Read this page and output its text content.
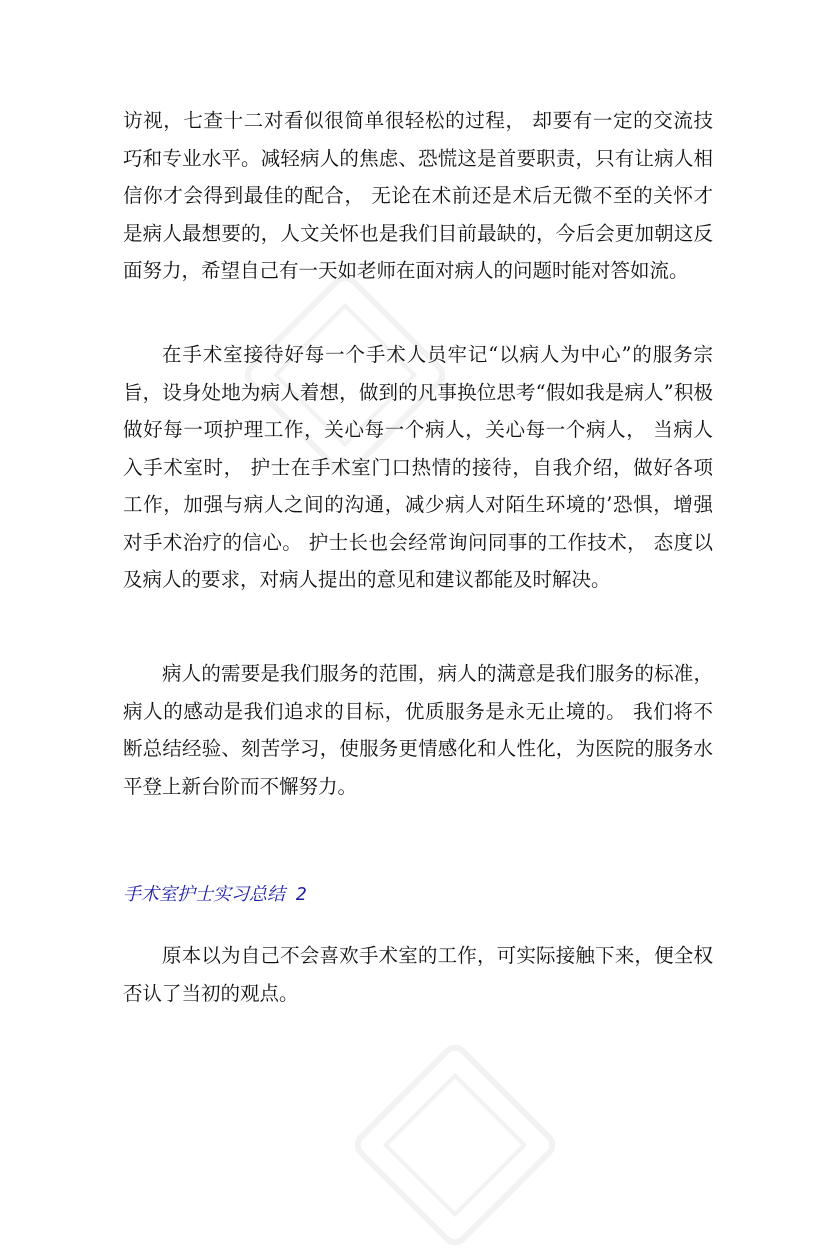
访视，七查十二对看似很简单很轻松的过程， 却要有一定的交流技巧和专业水平。减轻病人的焦虑、恐慌这是首要职责，只有让病人相信你才会得到最佳的配合， 无论在术前还是术后无微不至的关怀才是病人最想要的，人文关怀也是我们目前最缺的，今后会更加朝这反面努力，希望自己有一天如老师在面对病人的问题时能对答如流。

在手术室接待好每一个手术人员牢记“以病人为中心”的服务宗旨，设身处地为病人着想，做到的凡事换位思考“假如我是病人”积极做好每一项护理工作，关心每一个病人，关心每一个病人， 当病人入手术室时， 护士在手术室门口热情的接待，自我介绍，做好各项工作，加强与病人之间的沟通，减少病人对陌生环境的’恐惧，增强对手术治疗的信心。 护士长也会经常询问同事的工作技术， 态度以及病人的要求，对病人提出的意见和建议都能及时解决。

病人的需要是我们服务的范围，病人的满意是我们服务的标准，病人的感动是我们追求的目标，优质服务是永无止境的。 我们将不断总结经验、刻苦学习，使服务更情感化和人性化，为医院的服务水平登上新台阶而不懈努力。

手术室护士实习总结 2

原本以为自己不会喜欢手术室的工作，可实际接触下来，便全权否认了当初的观点。
